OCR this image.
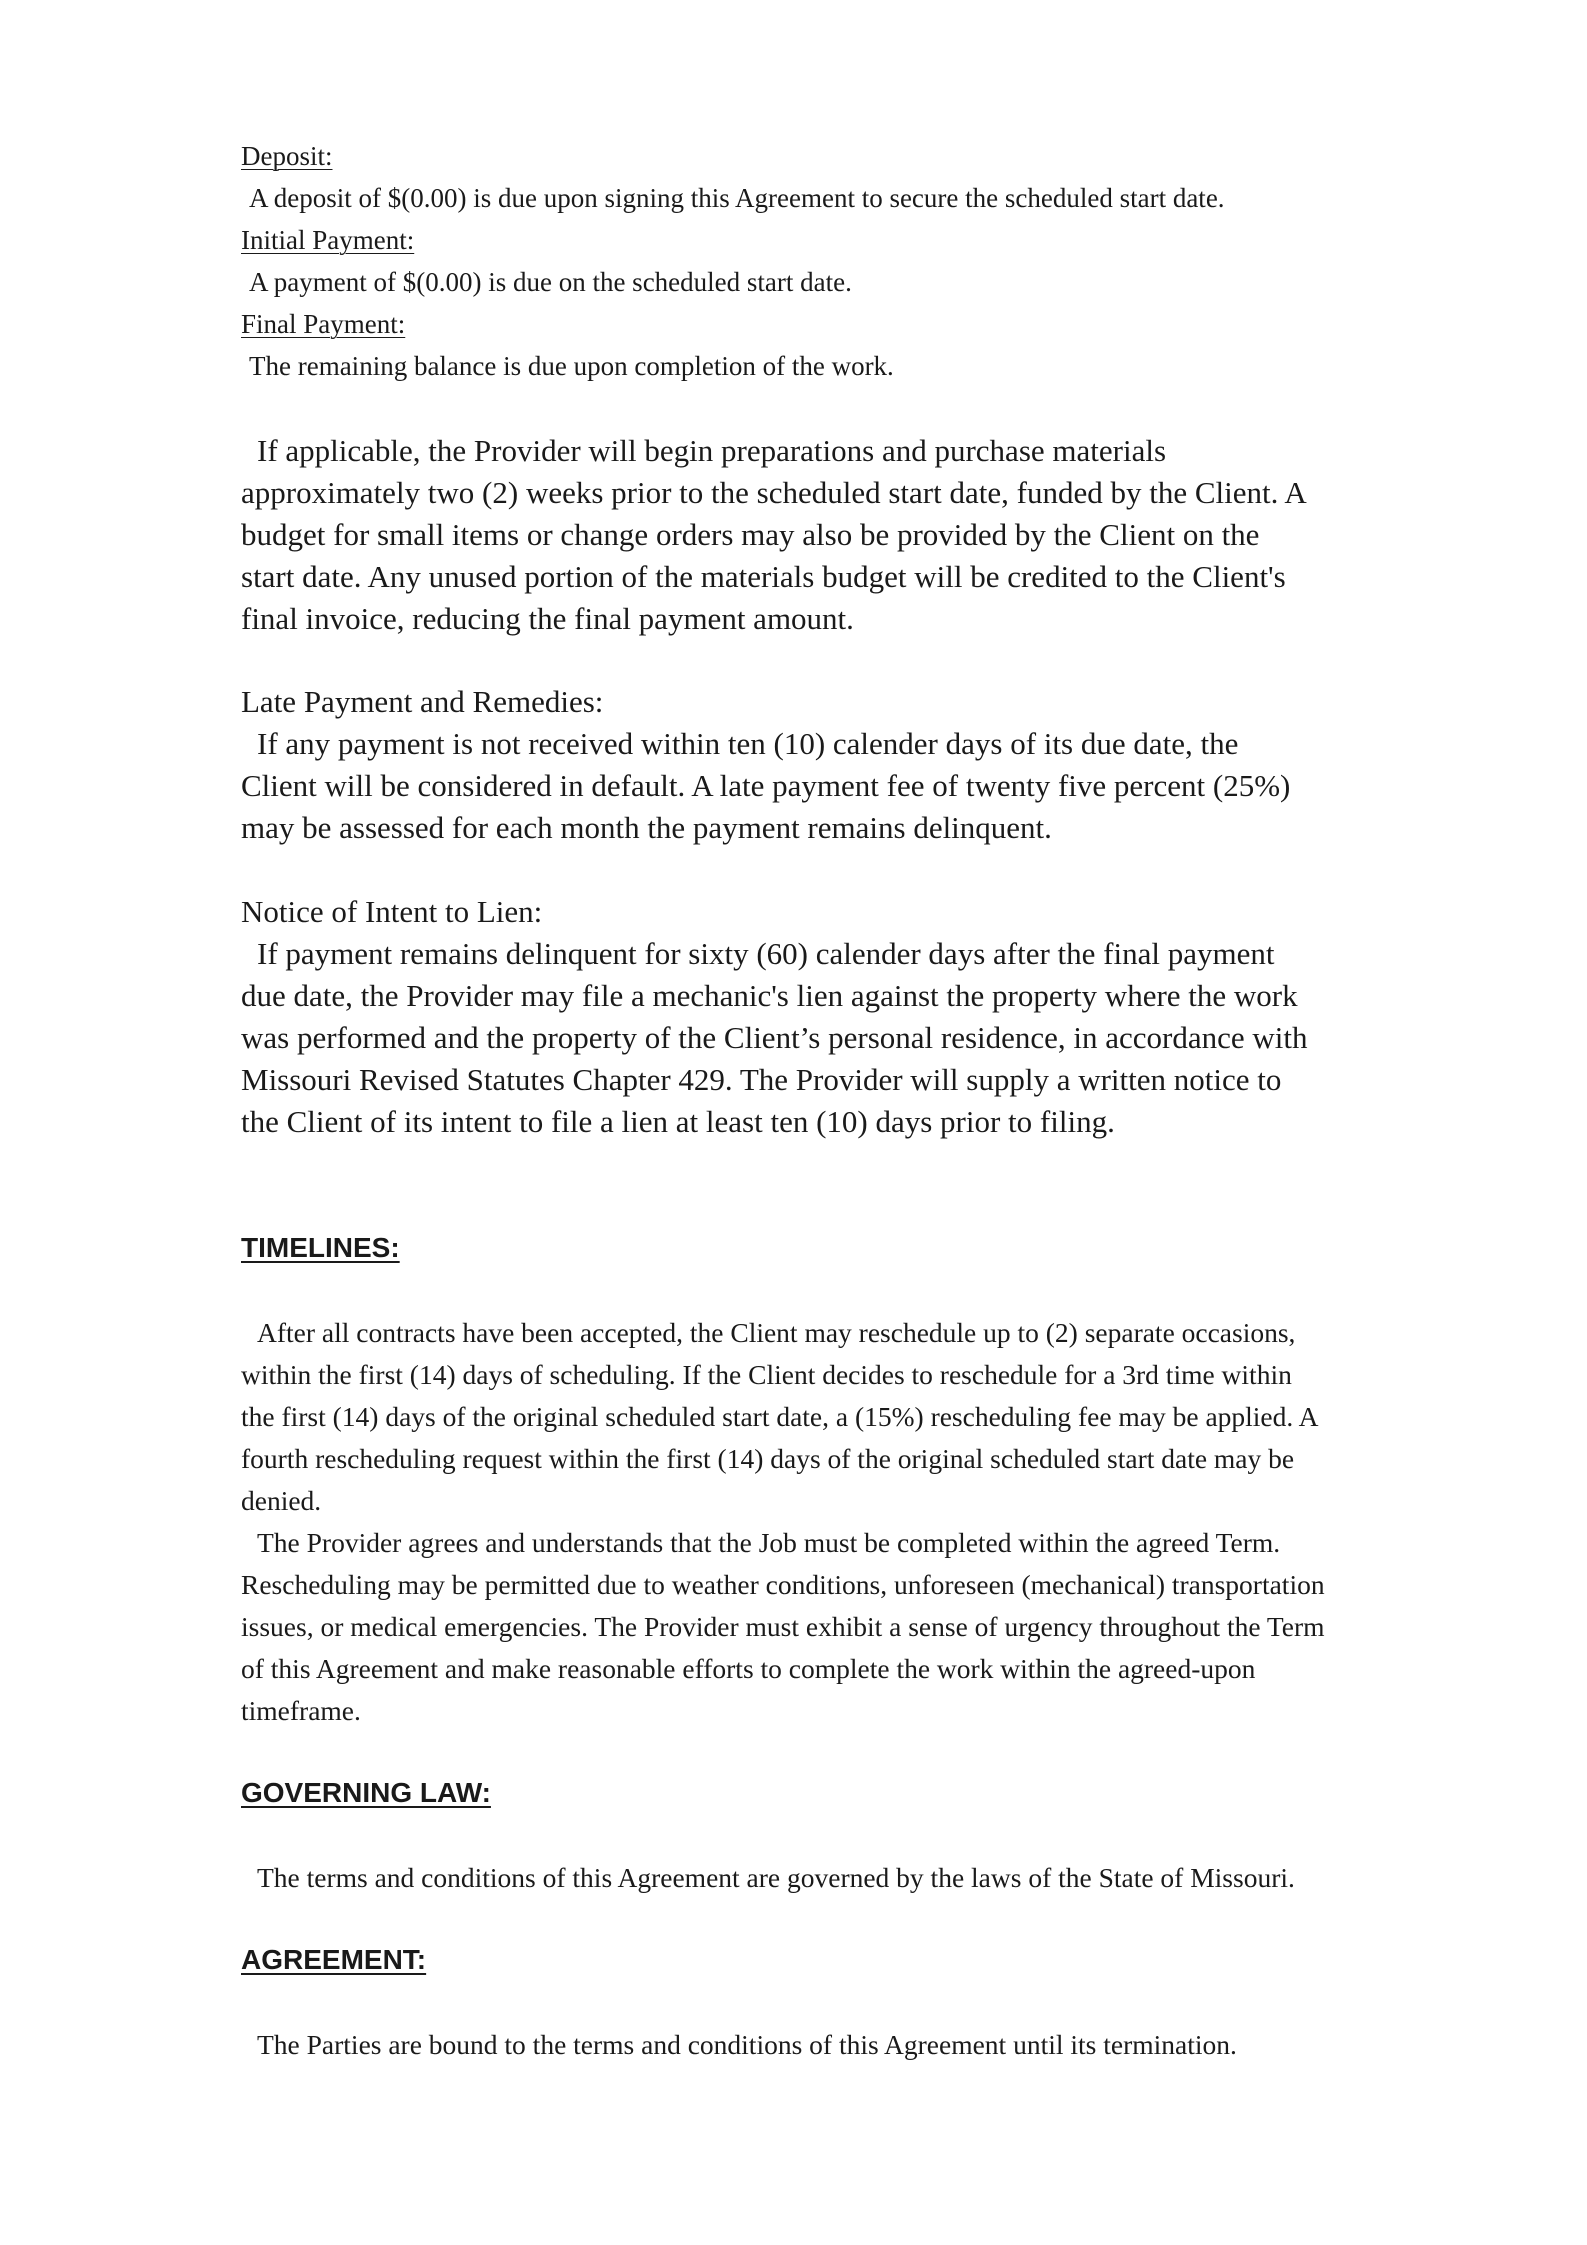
Deposit:

A deposit of $(0.00) is due upon signing this Agreement to secure the scheduled start date.

Initial Payment:

A payment of $(0.00) is due on the scheduled start date.

Final Payment:

The remaining balance is due upon completion of the work.

If applicable, the Provider will begin preparations and purchase materials
approximately two (2) weeks prior to the scheduled start date, funded by the Client. A
budget for small items or change orders may also be provided by the Client on the
start date. Any unused portion of the materials budget will be credited to the Client's
final invoice, reducing the final payment amount.

Late Payment and Remedies:

If any payment is not received within ten (10) calender days of its due date, the
Client will be considered in default. A late payment fee of twenty five percent (25%)
may be assessed for each month the payment remains delinquent.

Notice of Intent to Lien:

If payment remains delinquent for sixty (60) calender days after the final payment
due date, the Provider may file a mechanic's lien against the property where the work
was performed and the property of the Client’s personal residence, in accordance with
Missouri Revised Statutes Chapter 429. The Provider will supply a written notice to
the Client of its intent to file a lien at least ten (10) days prior to filing.

TIMELINES:

After all contracts have been accepted, the Client may reschedule up to (2) separate occasions,
within the first (14) days of scheduling. If the Client decides to reschedule for a 3rd time within
the first (14) days of the original scheduled start date, a (15%) rescheduling fee may be applied. A
fourth rescheduling request within the first (14) days of the original scheduled start date may be
denied.
The Provider agrees and understands that the Job must be completed within the agreed Term.
Rescheduling may be permitted due to weather conditions, unforeseen (mechanical) transportation
issues, or medical emergencies. The Provider must exhibit a sense of urgency throughout the Term
of this Agreement and make reasonable efforts to complete the work within the agreed-upon
timeframe.

GOVERNING LAW:

The terms and conditions of this Agreement are governed by the laws of the State of Missouri.

AGREEMENT:

The Parties are bound to the terms and conditions of this Agreement until its termination.
